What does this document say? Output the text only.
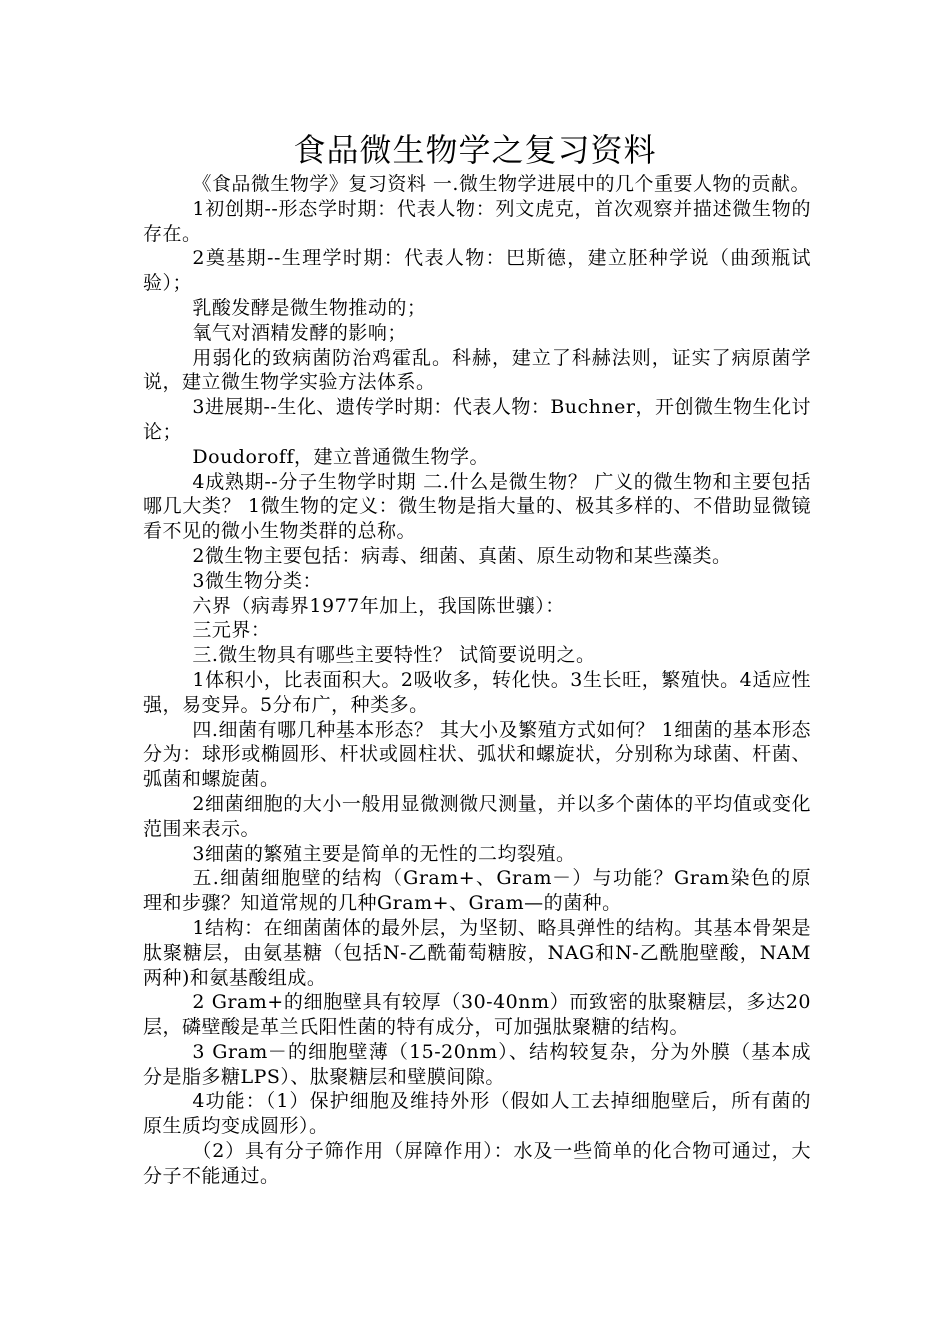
食品微生物学之复习资料

《食品微生物学》复习资料 一.微生物学进展中的几个重要人物的贡献。

1初创期--形态学时期：代表人物：列文虎克，首次观察并描述微生物的存在。

2奠基期--生理学时期：代表人物：巴斯德，建立胚种学说（曲颈瓶试验）；

乳酸发酵是微生物推动的；

氧气对酒精发酵的影响；

用弱化的致病菌防治鸡霍乱。科赫，建立了科赫法则，证实了病原菌学说，建立微生物学实验方法体系。

3进展期--生化、遗传学时期：代表人物：Buchner，开创微生物生化讨论；

Doudoroff，建立普通微生物学。

4成熟期--分子生物学时期 二.什么是微生物？ 广义的微生物和主要包括哪几大类？ 1微生物的定义：微生物是指大量的、极其多样的、不借助显微镜看不见的微小生物类群的总称。

2微生物主要包括：病毒、细菌、真菌、原生动物和某些藻类。

3微生物分类：

六界（病毒界1977年加上，我国陈世骧）：

三元界：

三.微生物具有哪些主要特性？ 试简要说明之。

1体积小，比表面积大。2吸收多，转化快。3生长旺，繁殖快。4适应性强，易变异。5分布广，种类多。

四.细菌有哪几种基本形态？ 其大小及繁殖方式如何？ 1细菌的基本形态分为：球形或椭圆形、杆状或圆柱状、弧状和螺旋状，分别称为球菌、杆菌、弧菌和螺旋菌。

2细菌细胞的大小一般用显微测微尺测量，并以多个菌体的平均值或变化范围来表示。

3细菌的繁殖主要是简单的无性的二均裂殖。

五.细菌细胞壁的结构（Gram+、Gram－）与功能？Gram染色的原理和步骤？知道常规的几种Gram+、Gram—的菌种。

1结构：在细菌菌体的最外层，为坚韧、略具弹性的结构。其基本骨架是肽聚糖层，由氨基糖（包括N-乙酰葡萄糖胺，NAG和N-乙酰胞壁酸，NAM两种)和氨基酸组成。

2 Gram+的细胞壁具有较厚（30-40nm）而致密的肽聚糖层，多达20层，磷壁酸是革兰氏阳性菌的特有成分，可加强肽聚糖的结构。

3 Gram－的细胞壁薄（15-20nm）、结构较复杂，分为外膜（基本成分是脂多糖LPS）、肽聚糖层和壁膜间隙。

4功能：（1）保护细胞及维持外形（假如人工去掉细胞壁后，所有菌的原生质均变成圆形）。

（2）具有分子筛作用（屏障作用）：水及一些简单的化合物可通过，大分子不能通过。
